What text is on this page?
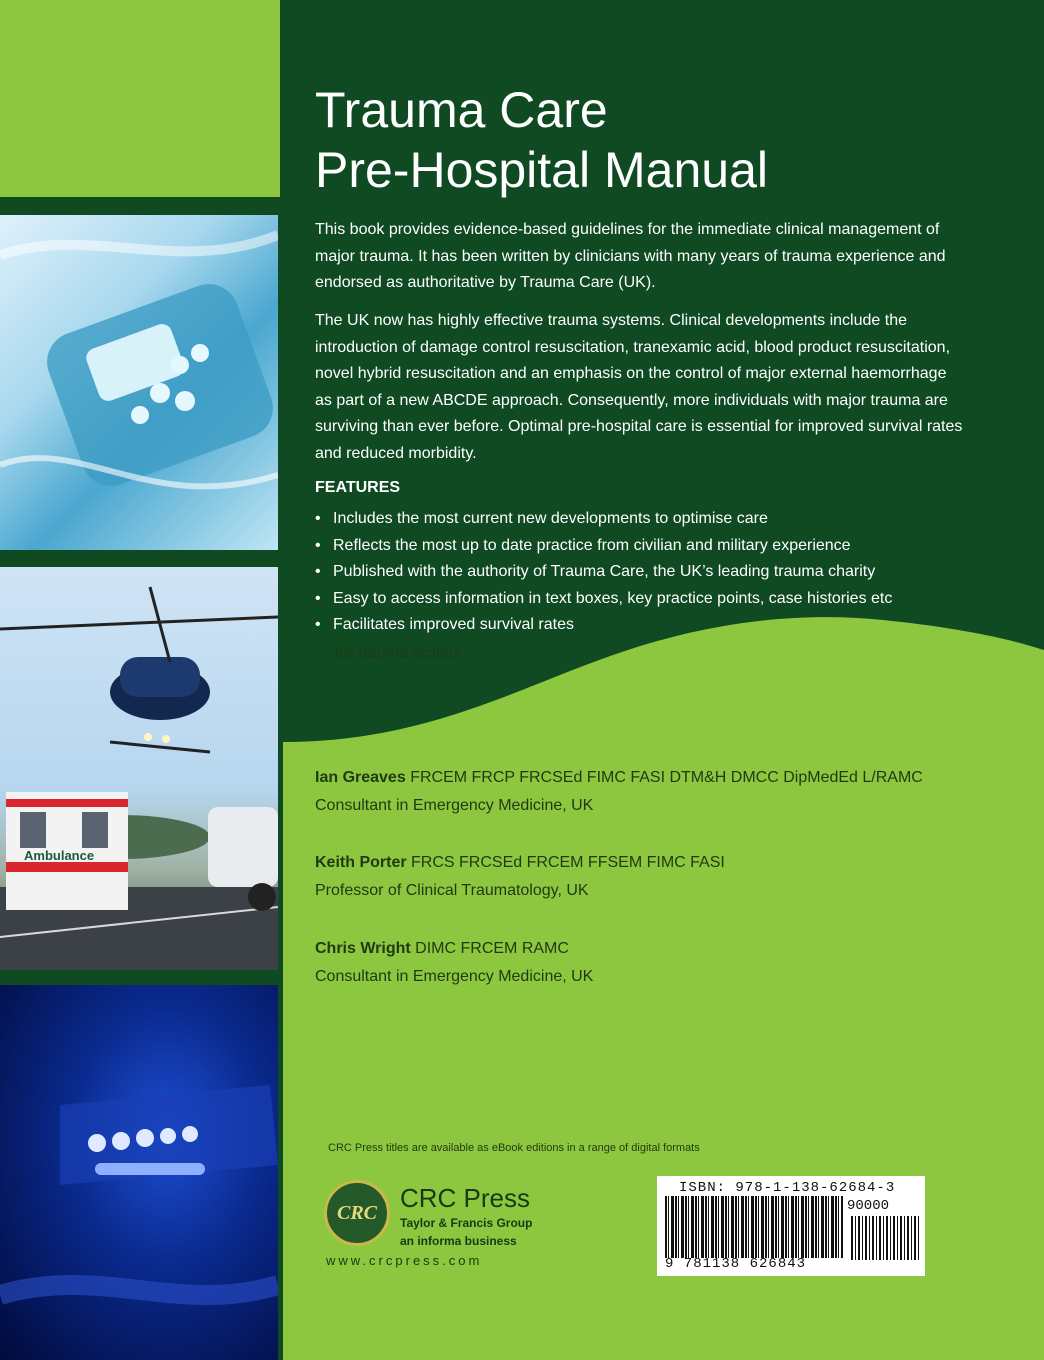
Ambulance
Trauma Care
Pre-Hospital Manual

This book provides evidence-based guidelines for the immediate clinical management of major trauma. It has been written by clinicians with many years of trauma experience and endorsed as authoritative by Trauma Care (UK).

The UK now has highly effective trauma systems. Clinical developments include the introduction of damage control resuscitation, tranexamic acid, blood product resuscitation, novel hybrid resuscitation and an emphasis on the control of major external haemorrhage as part of a new ABCDE approach. Consequently, more individuals with major trauma are surviving than ever before. Optimal pre-hospital care is essential for improved survival rates and reduced morbidity.

FEATURES
• Includes the most current new developments to optimise care
• Reflects the most up to date practice from civilian and military experience
• Published with the authority of Trauma Care, the UK’s leading trauma charity
• Easy to access information in text boxes, key practice points, case histories etc
• Facilitates improved survival rates
for trauma victims
Ian Greaves FRCEM FRCP FRCSEd FIMC FASI DTM&H DMCC DipMedEd L/RAMC
Consultant in Emergency Medicine, UK
Keith Porter FRCS FRCSEd FRCEM FFSEM FIMC FASI
Professor of Clinical Traumatology, UK
Chris Wright DIMC FRCEM RAMC
Consultant in Emergency Medicine, UK
CRC Press titles are available as eBook editions in a range of digital formats
CRC CRC Press
Taylor & Francis Group
an informa business
www.crcpress.com
ISBN: 978-1-138-62684-3
90000
9 781138 626843
